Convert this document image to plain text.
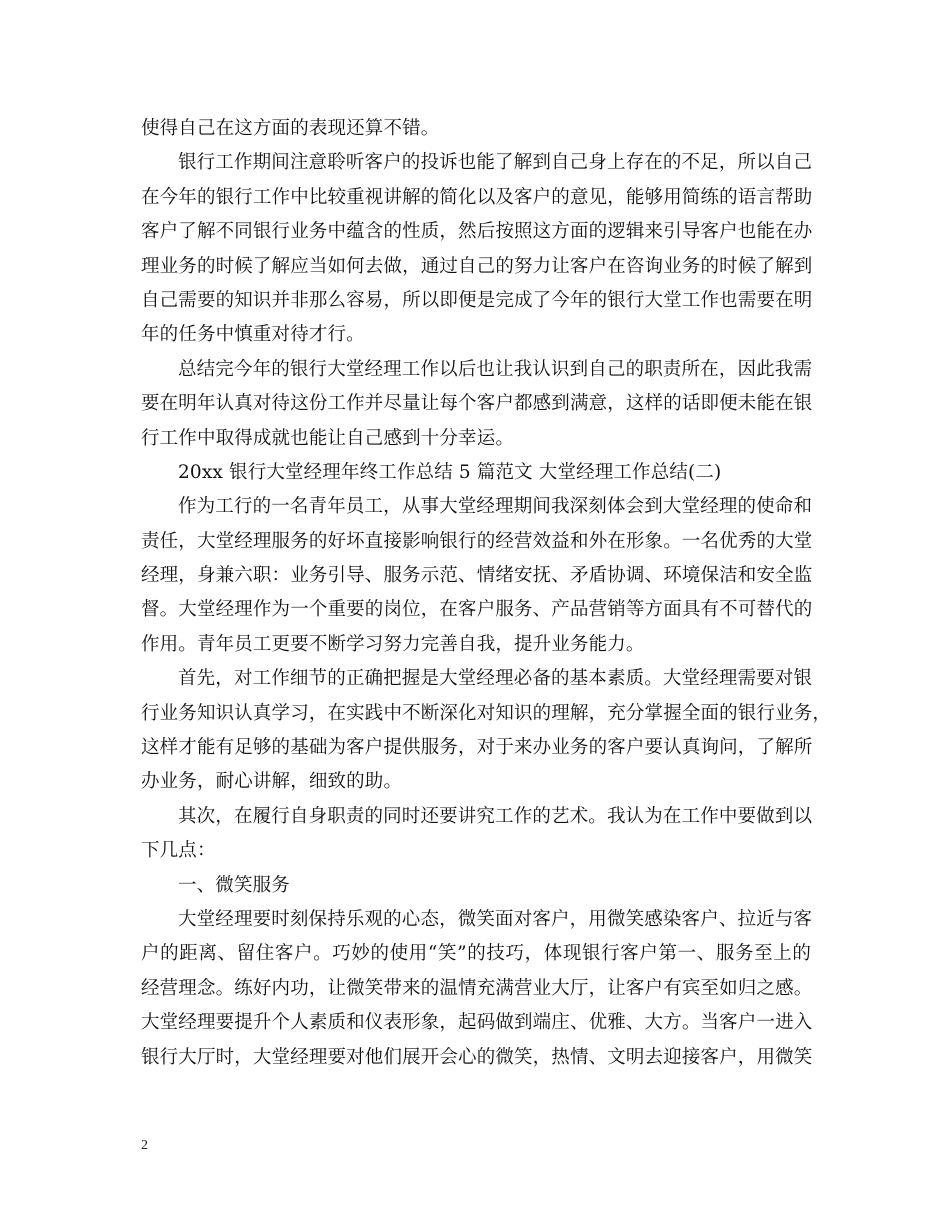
使得自己在这方面的表现还算不错。
银行工作期间注意聆听客户的投诉也能了解到自己身上存在的不足，所以自己
在今年的银行工作中比较重视讲解的简化以及客户的意见，能够用简练的语言帮助
客户了解不同银行业务中蕴含的性质，然后按照这方面的逻辑来引导客户也能在办
理业务的时候了解应当如何去做，通过自己的努力让客户在咨询业务的时候了解到
自己需要的知识并非那么容易，所以即便是完成了今年的银行大堂工作也需要在明
年的任务中慎重对待才行。
总结完今年的银行大堂经理工作以后也让我认识到自己的职责所在，因此我需
要在明年认真对待这份工作并尽量让每个客户都感到满意，这样的话即便未能在银
行工作中取得成就也能让自己感到十分幸运。
20xx 银行大堂经理年终工作总结 5 篇范文 大堂经理工作总结(二)
作为工行的一名青年员工，从事大堂经理期间我深刻体会到大堂经理的使命和
责任，大堂经理服务的好坏直接影响银行的经营效益和外在形象。一名优秀的大堂
经理，身兼六职：业务引导、服务示范、情绪安抚、矛盾协调、环境保洁和安全监
督。大堂经理作为一个重要的岗位，在客户服务、产品营销等方面具有不可替代的
作用。青年员工更要不断学习努力完善自我，提升业务能力。
首先，对工作细节的正确把握是大堂经理必备的基本素质。大堂经理需要对银
行业务知识认真学习，在实践中不断深化对知识的理解，充分掌握全面的银行业务，
这样才能有足够的基础为客户提供服务，对于来办业务的客户要认真询问，了解所
办业务，耐心讲解，细致的助。
其次，在履行自身职责的同时还要讲究工作的艺术。我认为在工作中要做到以
下几点：
一、微笑服务
大堂经理要时刻保持乐观的心态，微笑面对客户，用微笑感染客户、拉近与客
户的距离、留住客户。巧妙的使用“笑”的技巧，体现银行客户第一、服务至上的
经营理念。练好内功，让微笑带来的温情充满营业大厅，让客户有宾至如归之感。
大堂经理要提升个人素质和仪表形象，起码做到端庄、优雅、大方。当客户一进入
银行大厅时，大堂经理要对他们展开会心的微笑，热情、文明去迎接客户，用微笑
2
